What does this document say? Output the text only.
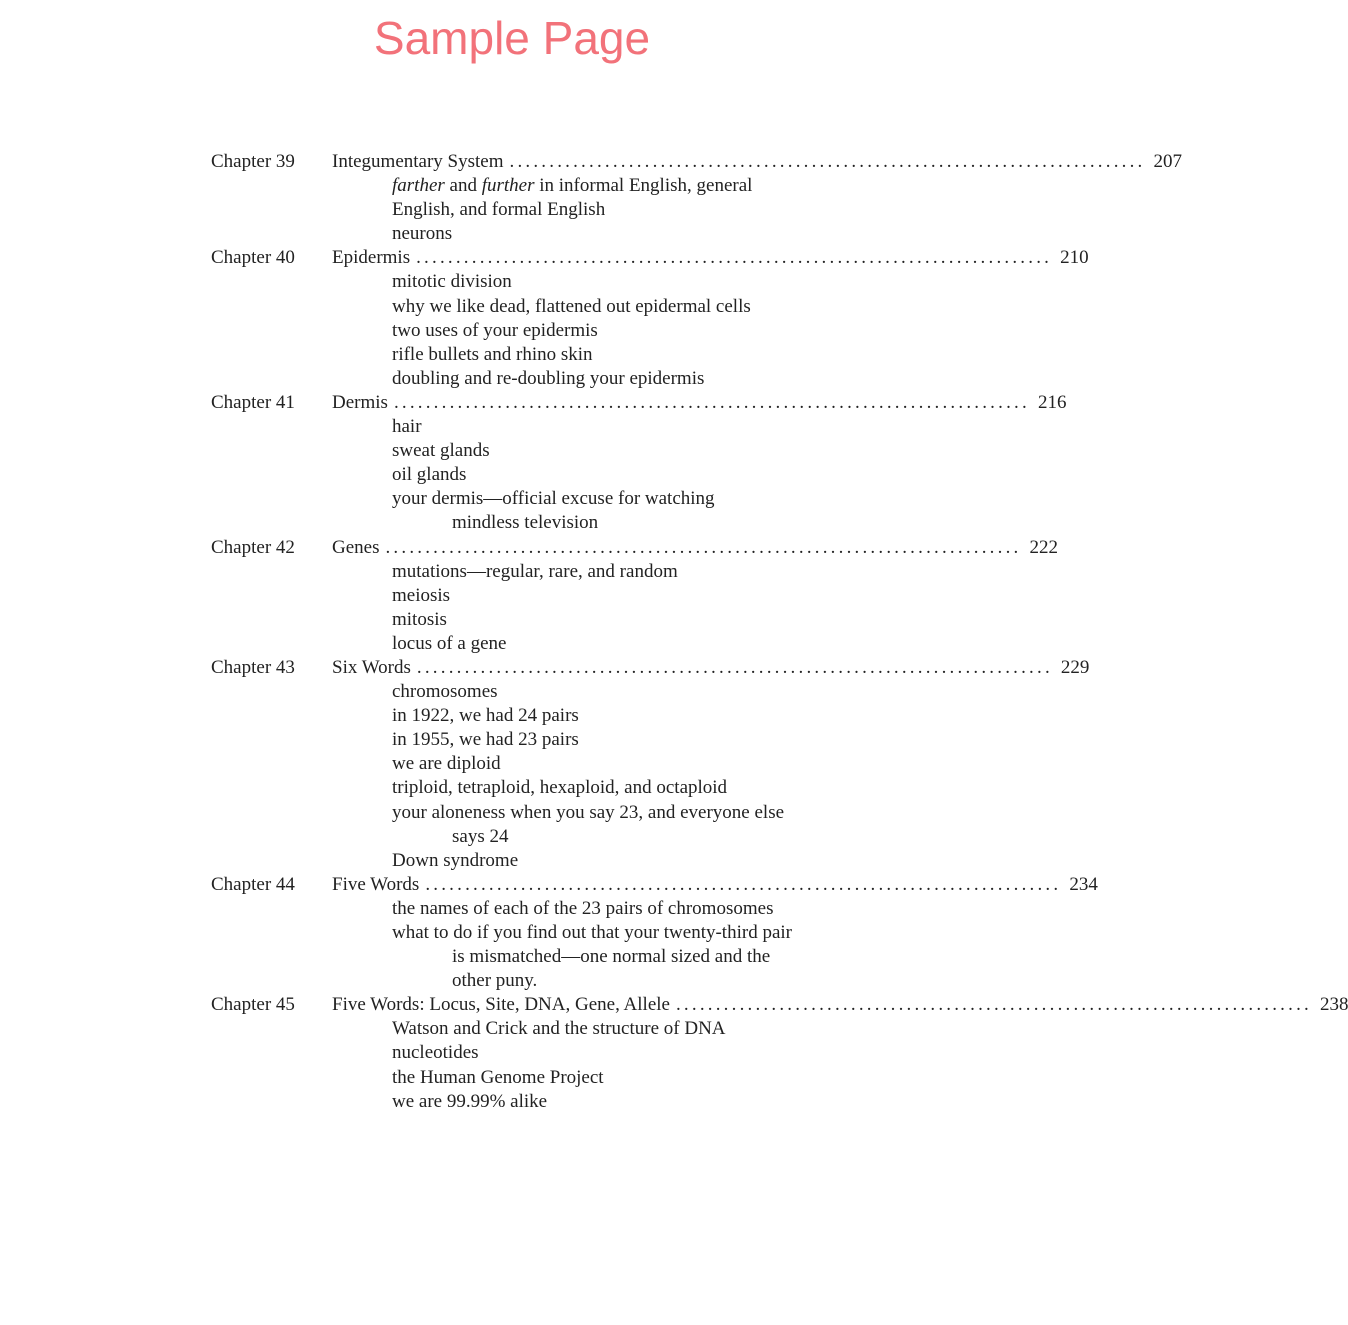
Sample Page
Chapter 39	Integumentary System ................................................................................ 207
farther and further in informal English, general
English, and formal English
neurons
Chapter 40	Epidermis ................................................................................ 210
mitotic division
why we like dead, flattened out epidermal cells
two uses of your epidermis
rifle bullets and rhino skin
doubling and re-doubling your epidermis
Chapter 41	Dermis ................................................................................ 216
hair
sweat glands
oil glands
your dermis—official excuse for watching
mindless television
Chapter 42	Genes ................................................................................ 222
mutations—regular, rare, and random
meiosis
mitosis
locus of a gene
Chapter 43	Six Words ................................................................................ 229
chromosomes
in 1922, we had 24 pairs
in 1955, we had 23 pairs
we are diploid
triploid, tetraploid, hexaploid, and octaploid
your aloneness when you say 23, and everyone else
says 24
Down syndrome
Chapter 44	Five Words ................................................................................ 234
the names of each of the 23 pairs of chromosomes
what to do if you find out that your twenty-third pair
is mismatched—one normal sized and the
other puny.
Chapter 45	Five Words: Locus, Site, DNA, Gene, Allele ................................................................................ 238
Watson and Crick and the structure of DNA
nucleotides
the Human Genome Project
we are 99.99% alike
